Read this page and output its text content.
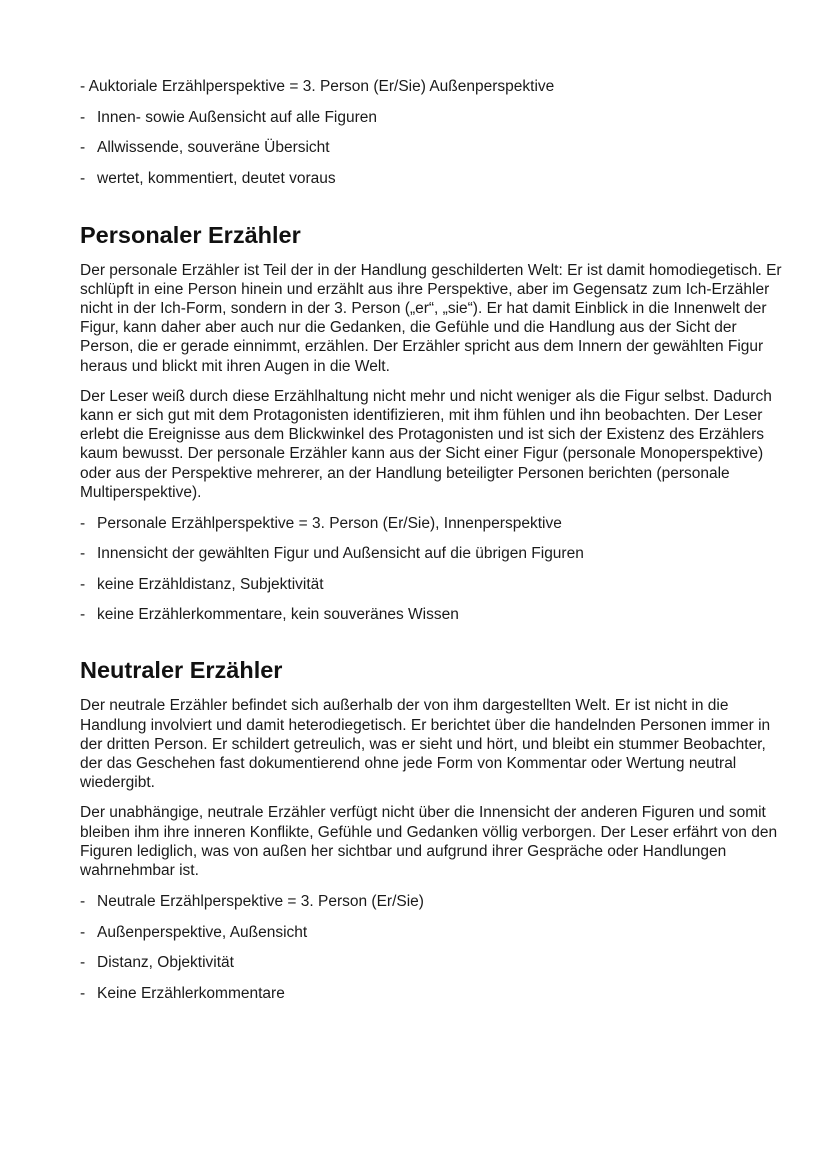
- Auktoriale Erzählperspektive = 3. Person (Er/Sie) Außenperspektive
- Innen- sowie Außensicht auf alle Figuren
- Allwissende, souveräne Übersicht
- wertet, kommentiert, deutet voraus
Personaler Erzähler

Der personale Erzähler ist Teil der in der Handlung geschilderten Welt: Er ist damit homodiegetisch. Er schlüpft in eine Person hinein und erzählt aus ihre Perspektive, aber im Gegensatz zum Ich-Erzähler nicht in der Ich-Form, sondern in der 3. Person („er“, „sie“). Er hat damit Einblick in die Innenwelt der Figur, kann daher aber auch nur die Gedanken, die Gefühle und die Handlung aus der Sicht der Person, die er gerade einnimmt, erzählen. Der Erzähler spricht aus dem Innern der gewählten Figur heraus und blickt mit ihren Augen in die Welt.

Der Leser weiß durch diese Erzählhaltung nicht mehr und nicht weniger als die Figur selbst. Dadurch kann er sich gut mit dem Protagonisten identifizieren, mit ihm fühlen und ihn beobachten. Der Leser erlebt die Ereignisse aus dem Blickwinkel des Protagonisten und ist sich der Existenz des Erzählers kaum bewusst. Der personale Erzähler kann aus der Sicht einer Figur (personale Monoperspektive) oder aus der Perspektive mehrerer, an der Handlung beteiligter Personen berichten (personale Multiperspektive).

- Personale Erzählperspektive = 3. Person (Er/Sie), Innenperspektive
- Innensicht der gewählten Figur und Außensicht auf die übrigen Figuren
- keine Erzähldistanz, Subjektivität
- keine Erzählerkommentare, kein souveränes Wissen
Neutraler Erzähler

Der neutrale Erzähler befindet sich außerhalb der von ihm dargestellten Welt. Er ist nicht in die Handlung involviert und damit heterodiegetisch. Er berichtet über die handelnden Personen immer in der dritten Person. Er schildert getreulich, was er sieht und hört, und bleibt ein stummer Beobachter, der das Geschehen fast dokumentierend ohne jede Form von Kommentar oder Wertung neutral wiedergibt.

Der unabhängige, neutrale Erzähler verfügt nicht über die Innensicht der anderen Figuren und somit bleiben ihm ihre inneren Konflikte, Gefühle und Gedanken völlig verborgen. Der Leser erfährt von den Figuren lediglich, was von außen her sichtbar und aufgrund ihrer Gespräche oder Handlungen wahrnehmbar ist.

- Neutrale Erzählperspektive = 3. Person (Er/Sie)
- Außenperspektive, Außensicht
- Distanz, Objektivität
- Keine Erzählerkommentare
